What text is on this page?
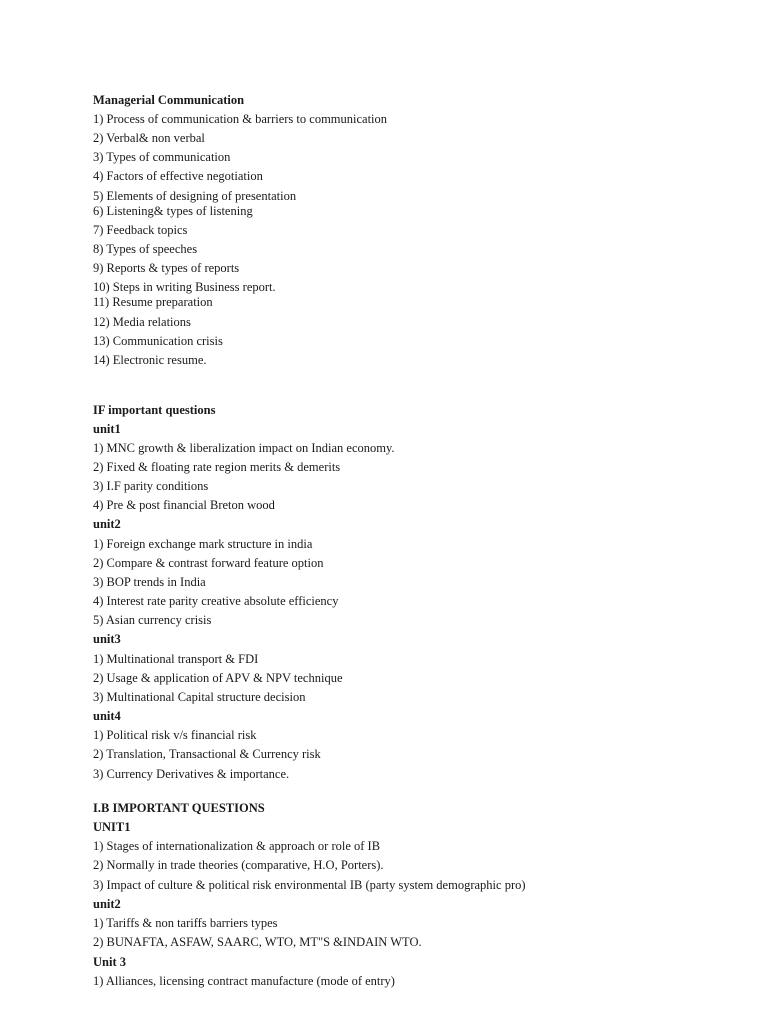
Managerial Communication
1) Process of communication & barriers to communication
2) Verbal& non verbal
3) Types of communication
4) Factors of effective negotiation
5) Elements of designing of presentation
6) Listening& types of listening
7) Feedback topics
8) Types of speeches
9) Reports & types of reports
10) Steps in writing Business report.
11) Resume preparation
12) Media relations
13) Communication crisis
14) Electronic resume.
IF important questions
unit1
1) MNC growth & liberalization impact on Indian economy.
2) Fixed & floating rate region merits & demerits
3) I.F parity conditions
4) Pre & post financial Breton wood
unit2
1) Foreign exchange mark structure in india
2) Compare & contrast forward feature option
3) BOP trends in India
4) Interest rate parity creative absolute efficiency
5) Asian currency crisis
unit3
1) Multinational transport & FDI
2) Usage & application of APV & NPV technique
3) Multinational Capital structure decision
unit4
1) Political risk v/s financial risk
2) Translation, Transactional & Currency risk
3) Currency Derivatives & importance.
I.B IMPORTANT QUESTIONS
UNIT1
1) Stages of internationalization & approach or role of IB
2) Normally in trade theories (comparative, H.O, Porters).
3) Impact of culture & political risk environmental IB (party system demographic pro)
unit2
1) Tariffs & non tariffs barriers types
2) BUNAFTA, ASFAW, SAARC, WTO, MT"S &INDAIN WTO.
Unit 3
1) Alliances, licensing contract manufacture (mode of entry)
